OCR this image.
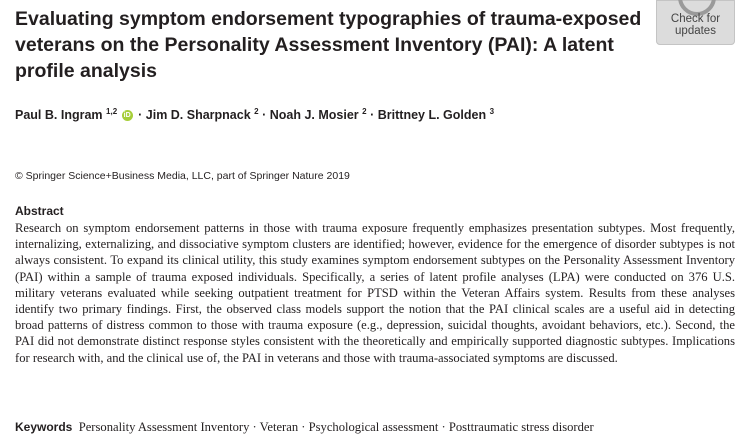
Evaluating symptom endorsement typographies of trauma-exposed veterans on the Personality Assessment Inventory (PAI): A latent profile analysis
Check for updates
Paul B. Ingram $^{1,2}$ iD · Jim D. Sharpnack $^2$ · Noah J. Mosier $^2$ · Brittney L. Golden $^3$
© Springer Science+Business Media, LLC, part of Springer Nature 2019
Abstract
Research on symptom endorsement patterns in those with trauma exposure frequently emphasizes presentation subtypes. Most frequently, internalizing, externalizing, and dissociative symptom clusters are identified; however, evidence for the emergence of disorder subtypes is not always consistent. To expand its clinical utility, this study examines symptom endorsement subtypes on the Personality Assessment Inventory (PAI) within a sample of trauma exposed individuals. Specifically, a series of latent profile analyses (LPA) were conducted on 376 U.S. military veterans evaluated while seeking outpatient treatment for PTSD within the Veteran Affairs system. Results from these analyses identify two primary findings. First, the observed class models support the notion that the PAI clinical scales are a useful aid in detecting broad patterns of distress common to those with trauma exposure (e.g., depression, suicidal thoughts, avoidant behaviors, etc.). Second, the PAI did not demonstrate distinct response styles consistent with the theoretically and empirically supported diagnostic subtypes. Implications for research with, and the clinical use of, the PAI in veterans and those with trauma-associated symptoms are discussed.
Keywords Personality Assessment Inventory · Veteran · Psychological assessment · Posttraumatic stress disorder
